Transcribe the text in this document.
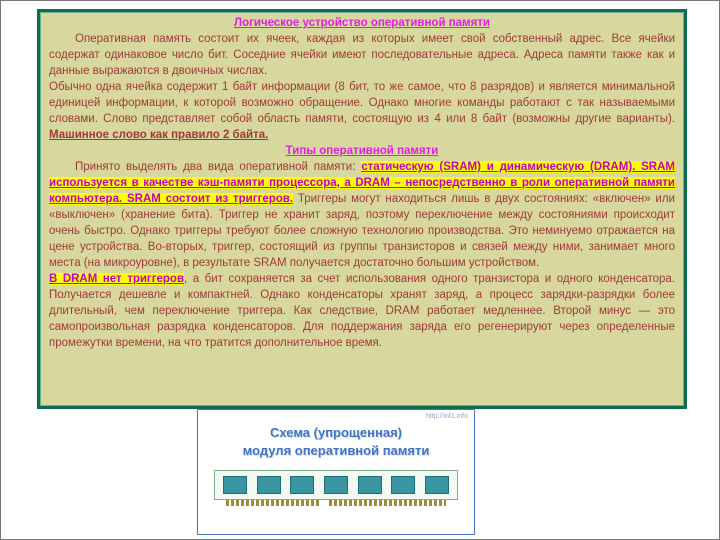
Логическое устройство оперативной памяти

Оперативная память состоит их ячеек, каждая из которых имеет свой собственный адрес. Все ячейки содержат одинаковое число бит. Соседние ячейки имеют последовательные адреса. Адреса памяти также как и данные выражаются в двоичных числах.

Обычно одна ячейка содержит 1 байт информации (8 бит, то же самое, что 8 разрядов) и является минимальной единицей информации, к которой возможно обращение. Однако многие команды работают с так называемыми словами. Слово представляет собой область памяти, состоящую из 4 или 8 байт (возможны другие варианты). Машинное слово как правило 2 байта.

Типы оперативной памяти

Принято выделять два вида оперативной памяти: статическую (SRAM) и динамическую (DRAM). SRAM используется в качестве кэш-памяти процессора, а DRAM – непосредственно в роли оперативной памяти компьютера. SRAM состоит из триггеров. Триггеры могут находиться лишь в двух состояниях: «включен» или «выключен» (хранение бита). Триггер не хранит заряд, поэтому переключение между состояниями происходит очень быстро. Однако триггеры требуют более сложную технологию производства. Это неминуемо отражается на цене устройства. Во-вторых, триггер, состоящий из группы транзисторов и связей между ними, занимает много места (на микроуровне), в результате SRAM получается достаточно большим устройством.

В DRAM нет триггеров, а бит сохраняется за счет использования одного транзистора и одного конденсатора. Получается дешевле и компактней. Однако конденсаторы хранят заряд, а процесс зарядки-разрядки более длительный, чем переключение триггера. Как следствие, DRAM работает медленнее. Второй минус — это самопроизвольная разрядка конденсаторов. Для поддержания заряда его регенерируют через определенные промежутки времени, на что тратится дополнительное время.

http://inf1.info
Схема (упрощенная)
модуля оперативной памяти
